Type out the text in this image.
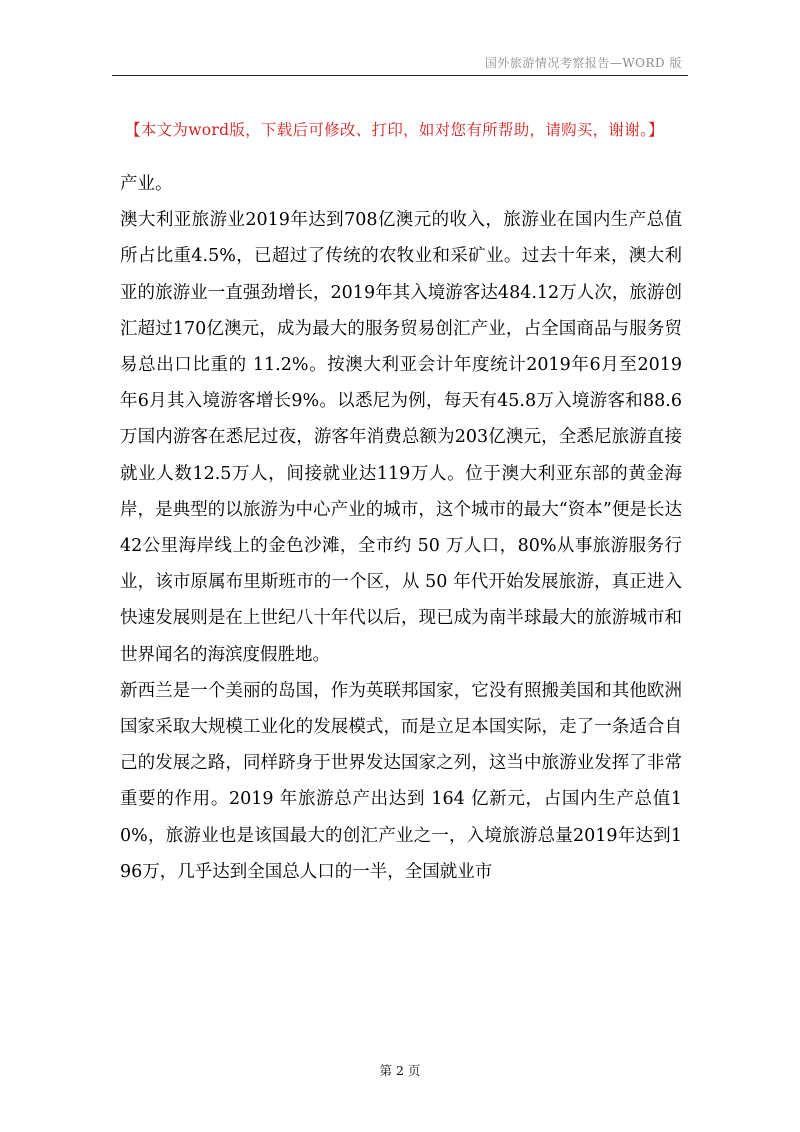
国外旅游情况考察报告—WORD 版
【本文为word版，下载后可修改、打印，如对您有所帮助，请购买，谢谢。】

产业。

澳大利亚旅游业2019年达到708亿澳元的收入，旅游业在国内生产总值所占比重4.5%，已超过了传统的农牧业和采矿业。过去十年来，澳大利亚的旅游业一直强劲增长，2019年其入境游客达484.12万人次，旅游创汇超过170亿澳元，成为最大的服务贸易创汇产业，占全国商品与服务贸易总出口比重的 11.2%。按澳大利亚会计年度统计2019年6月至2019年6月其入境游客增长9%。以悉尼为例，每天有45.8万入境游客和88.6万国内游客在悉尼过夜，游客年消费总额为203亿澳元，全悉尼旅游直接就业人数12.5万人，间接就业达119万人。位于澳大利亚东部的黄金海岸，是典型的以旅游为中心产业的城市，这个城市的最大“资本”便是长达42公里海岸线上的金色沙滩，全市约 50 万人口，80%从事旅游服务行业，该市原属布里斯班市的一个区，从 50 年代开始发展旅游，真正进入快速发展则是在上世纪八十年代以后，现已成为南半球最大的旅游城市和世界闻名的海滨度假胜地。

新西兰是一个美丽的岛国，作为英联邦国家，它没有照搬美国和其他欧洲国家采取大规模工业化的发展模式，而是立足本国实际，走了一条适合自己的发展之路，同样跻身于世界发达国家之列，这当中旅游业发挥了非常重要的作用。2019 年旅游总产出达到 164 亿新元，占国内生产总值10%，旅游业也是该国最大的创汇产业之一，入境旅游总量2019年达到196万，几乎达到全国总人口的一半，全国就业市

第 2 页
